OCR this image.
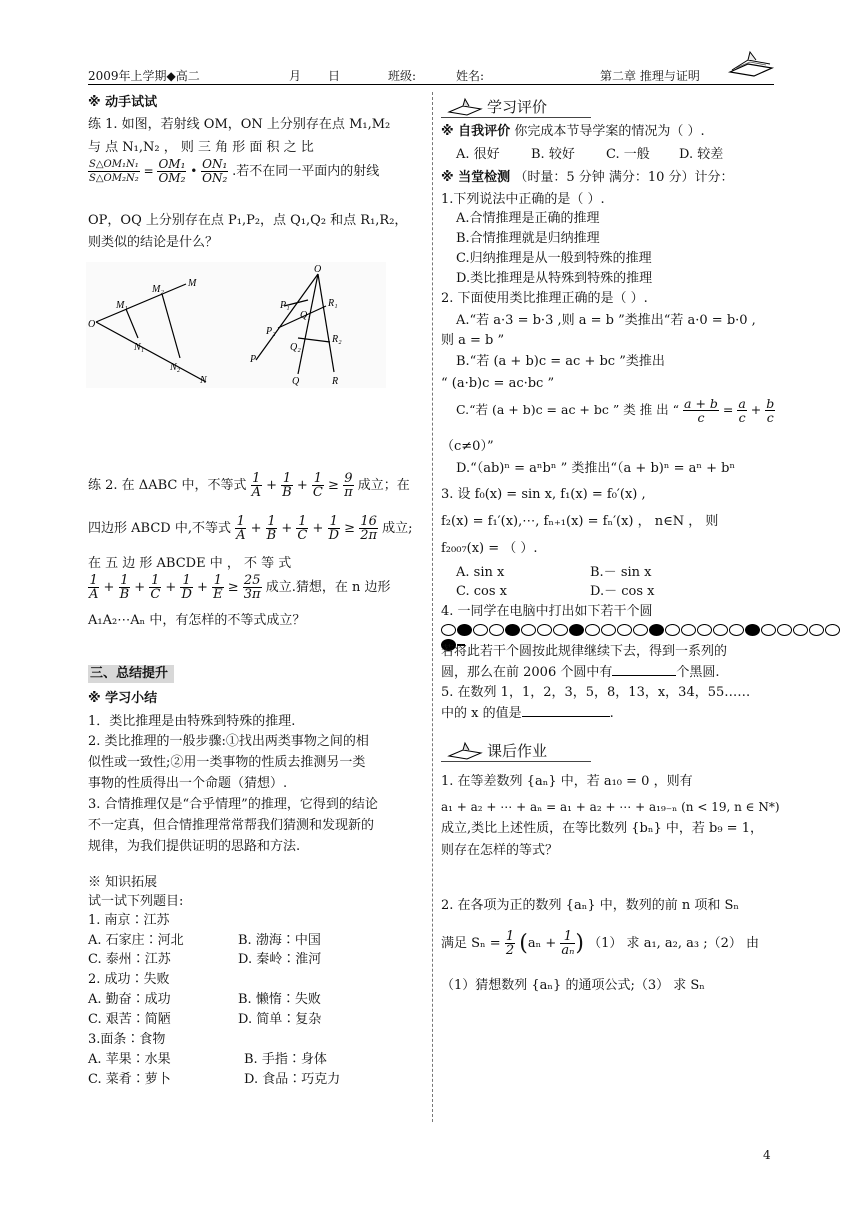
2009年上学期◆高二	月 日	班级:	姓名:	第二章 推理与证明
※ 动手试试
练 1. 如图，若射线 OM，ON 上分别存在点 M₁,M₂
与 点 N₁,N₂ ， 则 三 角 形 面 积 之 比
$\frac{\text{S△OM₁N₁}}{\text{S△OM₂N₂}} = \frac{\text{OM₁}}{\text{OM₂}}$ • $\frac{\text{ON₁}}{\text{ON₂}}$ .若不在同一平面内的射线
OP，OQ 上分别存在点 P₁,P₂，点 Q₁,Q₂ 和点 R₁,R₂，
则类似的结论是什么？
O
M₁
M₂
M
N₁
N₂
N
O
P₁
P₂
P
Q₁
Q₂
Q
R₁
R₂
R
练 2. 在 ΔABC 中，不等式 $\frac{1}{A} + \frac{1}{B} + \frac{1}{C} \ge \frac{9}{\pi}$ 成立；在
四边形 ABCD 中,不等式 $\frac{1}{A} + \frac{1}{B} + \frac{1}{C} + \frac{1}{D} \ge \frac{16}{2\pi}$ 成立;
在 五 边 形 ABCDE 中 ， 不 等 式
$\frac{1}{A} + \frac{1}{B} + \frac{1}{C} + \frac{1}{D} + \frac{1}{E} \ge \frac{25}{3\pi}$ 成立.猜想，在 n 边形
A₁A₂⋯Aₙ 中，有怎样的不等式成立？
三、总结提升
※ 学习小结
1．类比推理是由特殊到特殊的推理.
2. 类比推理的一般步骤:①找出两类事物之间的相
似性或一致性;②用一类事物的性质去推测另一类
事物的性质得出一个命题（猜想）.
3. 合情推理仅是“合乎情理”的推理，它得到的结论
不一定真，但合情推理常常帮我们猜测和发现新的
规律，为我们提供证明的思路和方法.
※ 知识拓展
试一试下列题目:
1. 南京∶江苏
A. 石家庄∶河北	B. 渤海∶中国
C. 泰州∶江苏	D. 秦岭∶淮河
2. 成功∶失败
A. 勤奋∶成功	B. 懒惰∶失败
C. 艰苦∶简陋	D. 简单∶复杂
3.面条∶食物
A. 苹果∶水果	B. 手指∶身体
C. 菜肴∶萝卜	D. 食品∶巧克力
学习评价
※ 自我评价 你完成本节导学案的情况为（ ）.
A. 很好 B. 较好 C. 一般 D. 较差
※ 当堂检测 （时量：5 分钟 满分：10 分）计分：
1.下列说法中正确的是（ ）.
A.合情推理是正确的推理
B.合情推理就是归纳推理
C.归纳推理是从一般到特殊的推理
D.类比推理是从特殊到特殊的推理
2. 下面使用类比推理正确的是（ ）.
A.“若 a·3 = b·3 ,则 a = b ”类推出“若 a·0 = b·0 ,
则 a = b ”
B.“若 (a + b)c = ac + bc ”类推出
“ (a·b)c = ac·bc ”
C.“若 (a + b)c = ac + bc ” 类 推 出 “ $\frac{a + b}{c} = \frac{a}{c} + \frac{b}{c}$
（c≠0）”
D.“（ab)ⁿ = aⁿbⁿ ” 类推出“（a + b)ⁿ = aⁿ + bⁿ
3. 设 f₀(x) = sin x, f₁(x) = f₀′(x) ,
f₂(x) = f₁′(x),⋯, fₙ₊₁(x) = fₙ′(x) ， n∈N ， 则
f₂₀₀₇(x) = （ ）.
A. sin x	B.－ sin x
C. cos x	D.－ cos x
4. 一同学在电脑中打出如下若干个圆
若将此若干个圆按此规律继续下去，得到一系列的
圆，那么在前 2006 个圆中有	个黑圆.
5. 在数列 1，1，2，3，5，8，13，x，34，55……
中的 x 的值是	.
课后作业
1. 在等差数列 {aₙ} 中，若 a₁₀ = 0 ，则有
a₁ + a₂ + ⋯ + aₙ = a₁ + a₂ + ⋯ + a₁₉₋ₙ (n < 19, n ∈ N*)
成立,类比上述性质，在等比数列 {bₙ} 中，若 b₉ = 1，
则存在怎样的等式？
2. 在各项为正的数列 {aₙ} 中，数列的前 n 项和 Sₙ
满足 $S_n = \frac{1}{2} (a_n + \frac{1}{\text{aₙ}}$ ) （1） 求 a₁, a₂, a₃ ;（2） 由
（1）猜想数列 {aₙ} 的通项公式;（3） 求 Sₙ
4
